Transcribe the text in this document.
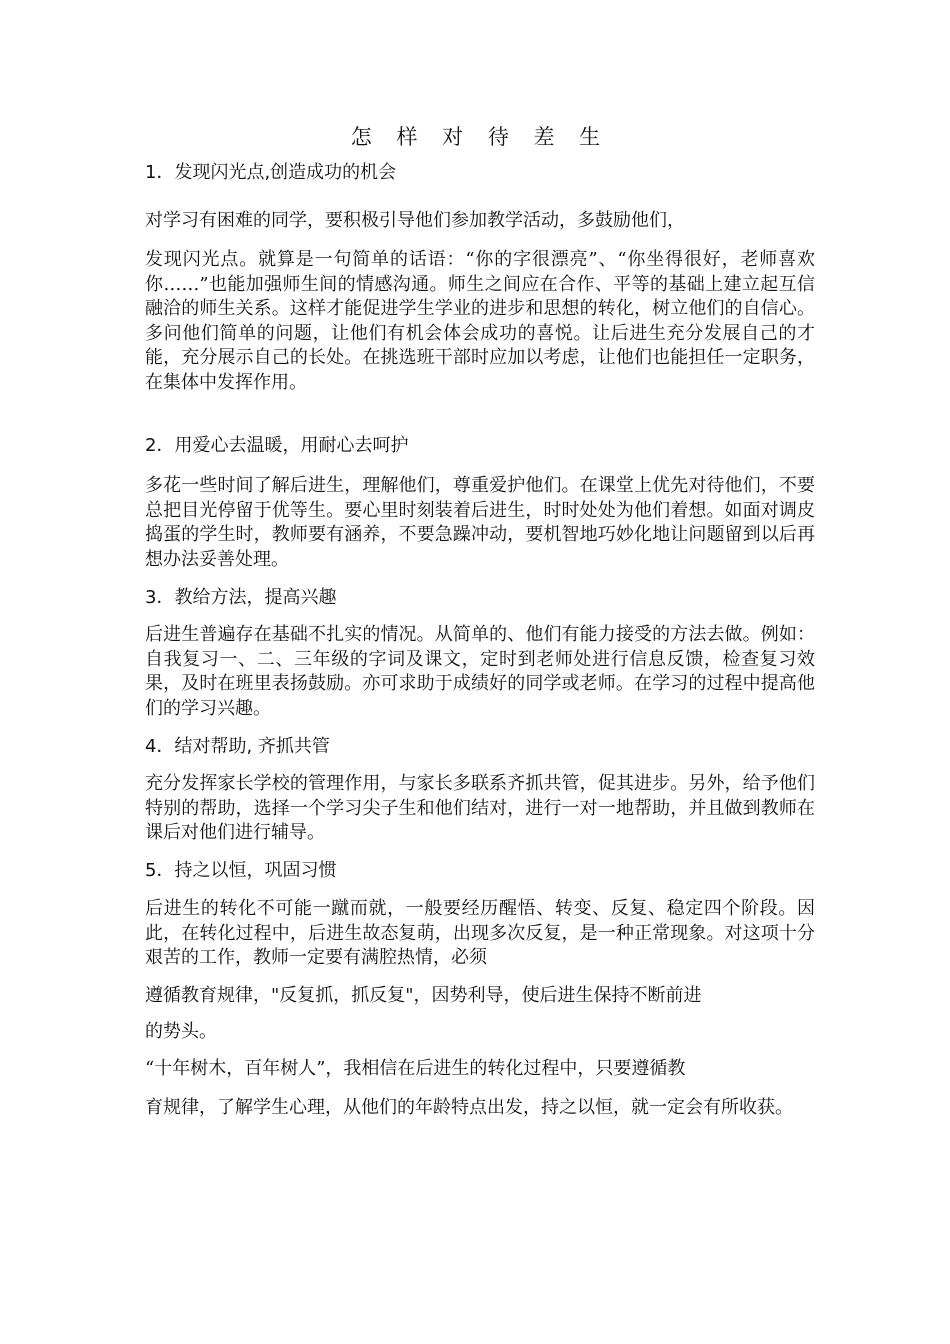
怎 样 对 待 差 生
1．发现闪光点,创造成功的机会

对学习有困难的同学，要积极引导他们参加教学活动，多鼓励他们，

发现闪光点。就算是一句简单的话语：“你的字很漂亮”、“你坐得很好，老师喜欢你……”也能加强师生间的情感沟通。师生之间应在合作、平等的基础上建立起互信融洽的师生关系。这样才能促进学生学业的进步和思想的转化，树立他们的自信心。多问他们简单的问题，让他们有机会体会成功的喜悦。让后进生充分发展自己的才能，充分展示自己的长处。在挑选班干部时应加以考虑，让他们也能担任一定职务，在集体中发挥作用。

2．用爱心去温暖，用耐心去呵护

多花一些时间了解后进生，理解他们，尊重爱护他们。在课堂上优先对待他们，不要总把目光停留于优等生。要心里时刻装着后进生，时时处处为他们着想。如面对调皮捣蛋的学生时，教师要有涵养，不要急躁冲动，要机智地巧妙化地让问题留到以后再想办法妥善处理。

3．教给方法，提高兴趣

后进生普遍存在基础不扎实的情况。从简单的、他们有能力接受的方法去做。例如：自我复习一、二、三年级的字词及课文，定时到老师处进行信息反馈，检查复习效果，及时在班里表扬鼓励。亦可求助于成绩好的同学或老师。在学习的过程中提高他们的学习兴趣。

4．结对帮助, 齐抓共管

充分发挥家长学校的管理作用，与家长多联系齐抓共管，促其进步。另外，给予他们特别的帮助，选择一个学习尖子生和他们结对，进行一对一地帮助，并且做到教师在课后对他们进行辅导。

5．持之以恒，巩固习惯

后进生的转化不可能一蹴而就，一般要经历醒悟、转变、反复、稳定四个阶段。因此，在转化过程中，后进生故态复萌，出现多次反复，是一种正常现象。对这项十分艰苦的工作，教师一定要有满腔热情，必须

遵循教育规律，"反复抓，抓反复"，因势利导，使后进生保持不断前进

的势头。

“十年树木，百年树人”，我相信在后进生的转化过程中，只要遵循教

育规律，了解学生心理，从他们的年龄特点出发，持之以恒，就一定会有所收获。
